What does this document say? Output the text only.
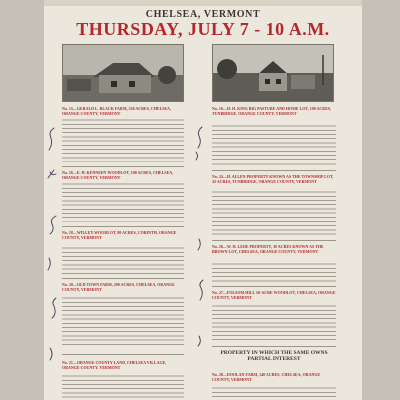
CHELSEA, VERMONT
THURSDAY, JULY 7 - 10 A.M.
No. 15—GERALD L. BLACK FARM, 250 ACRES, CHELSEA, ORANGE COUNTY, VERMONT
No. 16—E. H. KENNEDY WOODLOT, 100 ACRES, CHELSEA, ORANGE COUNTY, VERMONT
No. 18—WILLEY WOODLOT, 80 ACRES, CORINTH, ORANGE COUNTY, VERMONT
No. 20—OLD TOWN FARM, 200 ACRES, CHELSEA, ORANGE COUNTY, VERMONT
No. 21—ORANGE COUNTY LAND, CHELSEA VILLAGE, ORANGE COUNTY, VERMONT
No. 16—H. H. KING BIG PASTURE AND HOME LOT, 100 ACRES, TUNBRIDGE, ORANGE COUNTY, VERMONT
No. 24—H. ALLEN PROPERTY KNOWN AS THE TOWNSHIP LOT, 32 ACRES, TUNBRIDGE, ORANGE COUNTY, VERMONT
No. 26—W. H. LEDE PROPERTY, 30 ACRES KNOWN AS THE BROWN LOT, CHELSEA, ORANGE COUNTY, VERMONT
No. 27—FOLSOM HILL 50-ACRE WOODLOT, CHELSEA, ORANGE COUNTY, VERMONT
PROPERTY IN WHICH THE SAME OWNS PARTIAL INTEREST
No. 28—DOOLAN FARM, 140 ACRES, CHELSEA, ORANGE COUNTY, VERMONT
